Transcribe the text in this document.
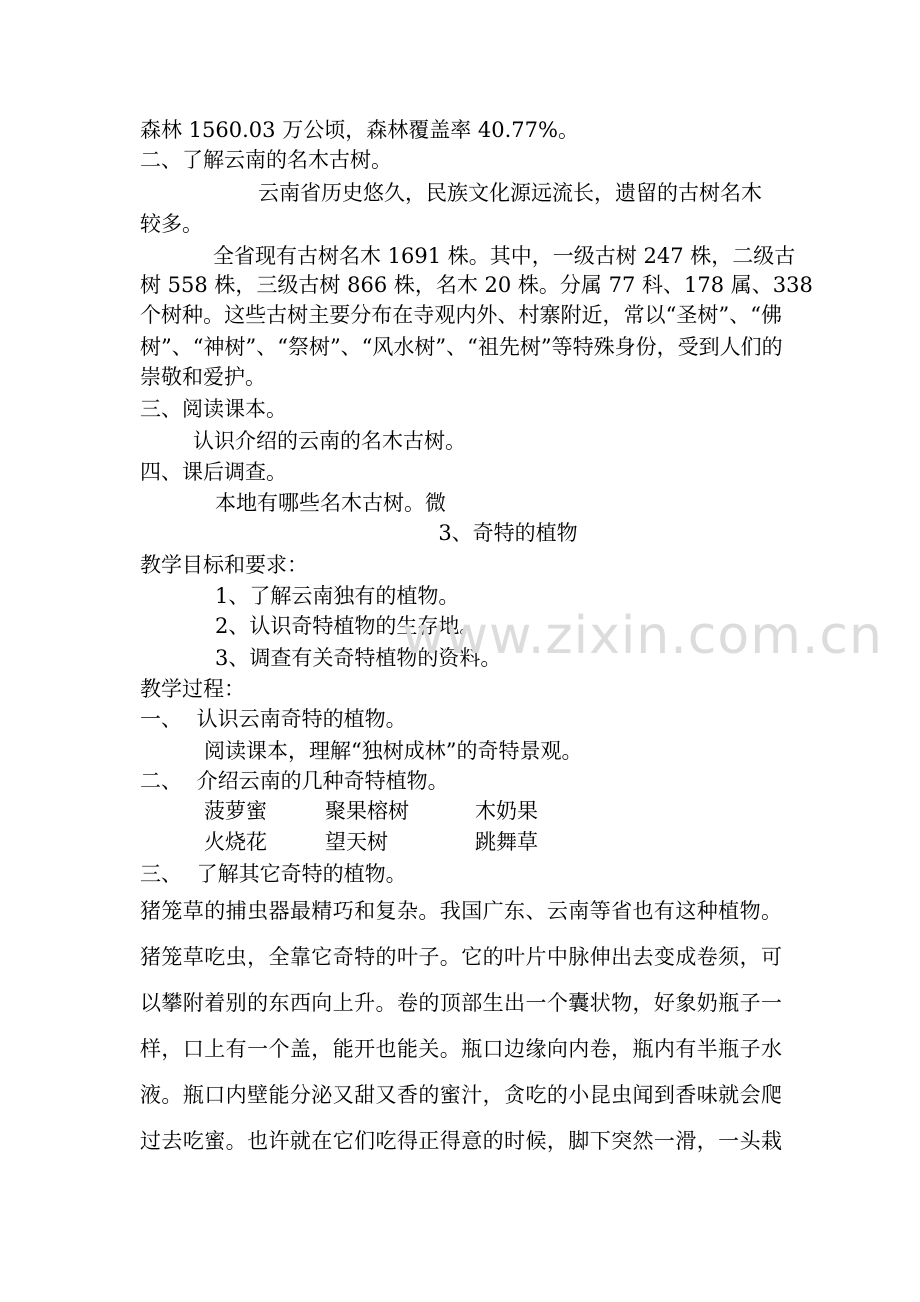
森林 1560.03 万公顷，森林覆盖率 40.77%。
二、了解云南的名木古树。
云南省历史悠久，民族文化源远流长，遗留的古树名木
较多。
全省现有古树名木 1691 株。其中，一级古树 247 株，二级古
树 558 株，三级古树 866 株，名木 20 株。分属 77 科、178 属、338
个树种。这些古树主要分布在寺观内外、村寨附近，常以“圣树”、“佛
树”、“神树”、“祭树”、“风水树”、“祖先树”等特殊身份，受到人们的
崇敬和爱护。
三、阅读课本。
认识介绍的云南的名木古树。
四、课后调查。
本地有哪些名木古树。微
3、奇特的植物
教学目标和要求：
1、了解云南独有的植物。
2、认识奇特植物的生存地。
3、调查有关奇特植物的资料。
教学过程：
一、 认识云南奇特的植物。
阅读课本，理解“独树成林”的奇特景观。
二、 介绍云南的几种奇特植物。
菠萝蜜	聚果榕树	木奶果
火烧花	望天树	跳舞草
三、 了解其它奇特的植物。
猪笼草的捕虫器最精巧和复杂。我国广东、云南等省也有这种植物。
猪笼草吃虫，全靠它奇特的叶子。它的叶片中脉伸出去变成卷须，可
以攀附着别的东西向上升。卷的顶部生出一个囊状物，好象奶瓶子一
样，口上有一个盖，能开也能关。瓶口边缘向内卷，瓶内有半瓶子水
液。瓶口内壁能分泌又甜又香的蜜汁，贪吃的小昆虫闻到香味就会爬
过去吃蜜。也许就在它们吃得正得意的时候，脚下突然一滑，一头栽
www.zixin.com.cn
